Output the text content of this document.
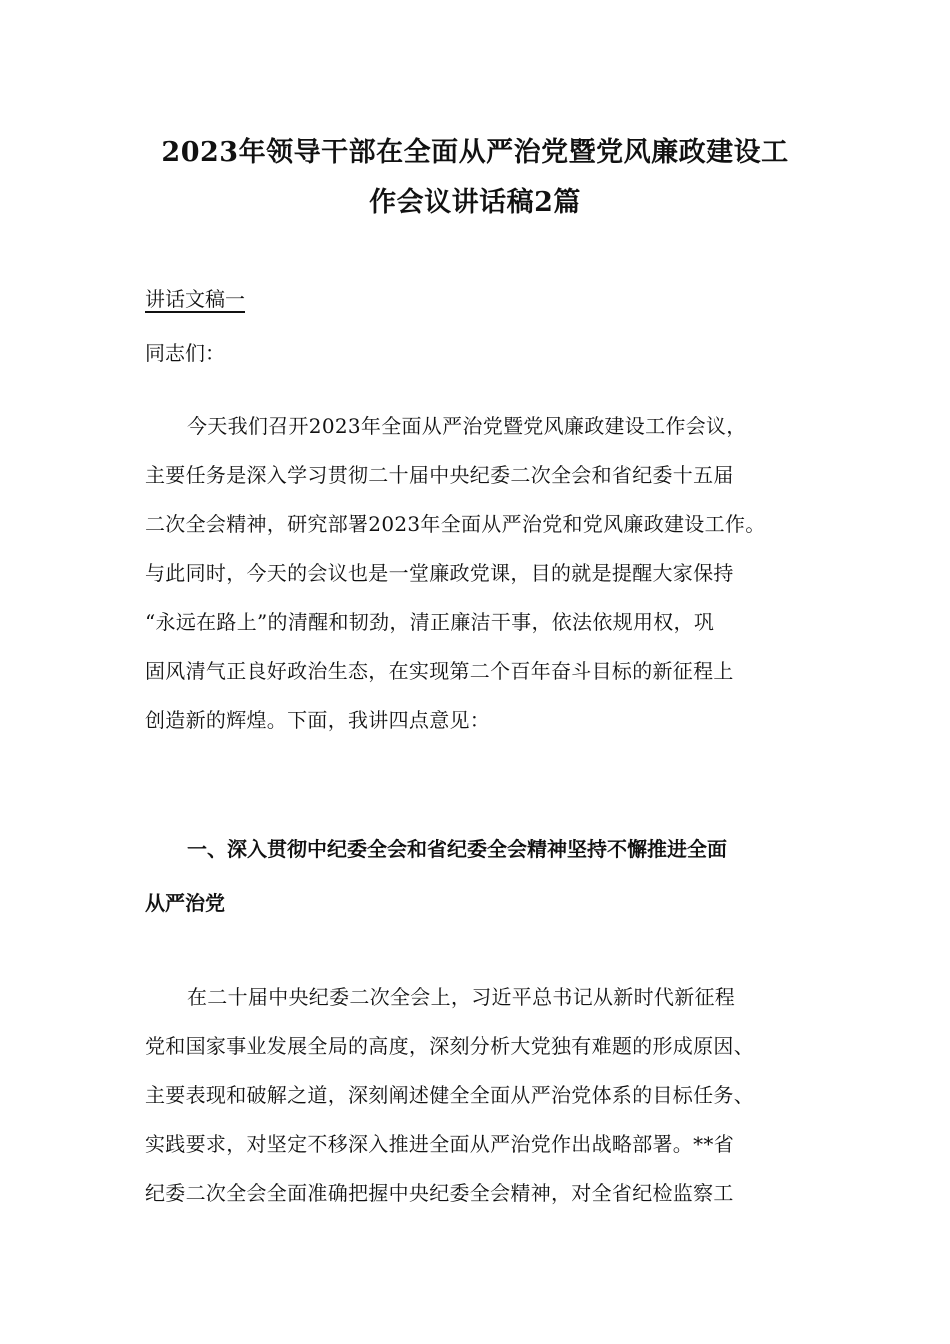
2023年领导干部在全面从严治党暨党风廉政建设工
作会议讲话稿2篇
讲话文稿一
同志们：
今天我们召开2023年全面从严治党暨党风廉政建设工作会议，
主要任务是深入学习贯彻二十届中央纪委二次全会和省纪委十五届
二次全会精神，研究部署2023年全面从严治党和党风廉政建设工作。
与此同时，今天的会议也是一堂廉政党课，目的就是提醒大家保持
“永远在路上”的清醒和韧劲，清正廉洁干事，依法依规用权，巩
固风清气正良好政治生态，在实现第二个百年奋斗目标的新征程上
创造新的辉煌。下面，我讲四点意见：
一、深入贯彻中纪委全会和省纪委全会精神坚持不懈推进全面
从严治党
在二十届中央纪委二次全会上，习近平总书记从新时代新征程
党和国家事业发展全局的高度，深刻分析大党独有难题的形成原因、
主要表现和破解之道，深刻阐述健全全面从严治党体系的目标任务、
实践要求，对坚定不移深入推进全面从严治党作出战略部署。**省
纪委二次全会全面准确把握中央纪委全会精神，对全省纪检监察工
